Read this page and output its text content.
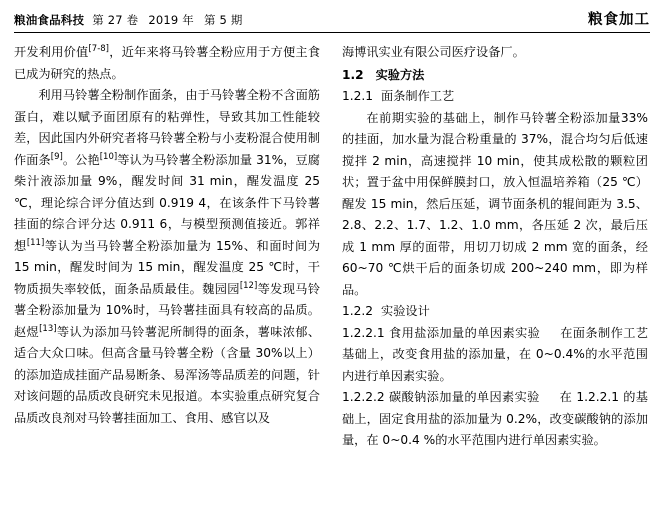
粮油食品科技 第 27 卷 2019 年 第 5 期	粮食加工

开发利用价值[7-8]，近年来将马铃薯全粉应用于方便主食已成为研究的热点。

利用马铃薯全粉制作面条，由于马铃薯全粉不含面筋蛋白，难以赋予面团原有的粘弹性，导致其加工性能较差，因此国内外研究者将马铃薯全粉与小麦粉混合使用制作面条[9]。公艳[10]等认为马铃薯全粉添加量 31%，豆腐柴汁液添加量 9%，醒发时间 31 min，醒发温度 25 ℃，理论综合评分值达到 0.919 4，在该条件下马铃薯挂面的综合评分达 0.911 6，与模型预测值接近。郭祥想[11]等认为当马铃薯全粉添加量为 15%、和面时间为 15 min，醒发时间为 15 min，醒发温度 25 ℃时，干物质损失率较低，面条品质最佳。魏园园[12]等发现马铃薯全粉添加量为 10%时，马铃薯挂面具有较高的品质。赵煜[13]等认为添加马铃薯泥所制得的面条，薯味浓郁、适合大众口味。但高含量马铃薯全粉（含量 30%以上）的添加造成挂面产品易断条、易浑汤等品质差的问题，针对该问题的品质改良研究未见报道。本实验重点研究复合品质改良剂对马铃薯挂面加工、食用、感官以及

海博讯实业有限公司医疗设备厂。

1.2 实验方法

1.2.1 面条制作工艺

在前期实验的基础上，制作马铃薯全粉添加量33%的挂面，加水量为混合粉重量的 37%，混合均匀后低速搅拌 2 min，高速搅拌 10 min，使其成松散的颗粒团状；置于盆中用保鲜膜封口，放入恒温培养箱（25 ℃）醒发 15 min，然后压延，调节面条机的辊间距为 3.5、2.8、2.2、1.7、1.2、1.0 mm，各压延 2 次，最后压成 1 mm 厚的面带，用切刀切成 2 mm 宽的面条，经 60~70 ℃烘干后的面条切成 200~240 mm，即为样品。

1.2.2 实验设计

1.2.2.1 食用盐添加量的单因素实验 在面条制作工艺基础上，改变食用盐的添加量，在 0~0.4%的水平范围内进行单因素实验。

1.2.2.2 碳酸钠添加量的单因素实验 在 1.2.2.1 的基础上，固定食用盐的添加量为 0.2%，改变碳酸钠的添加量，在 0~0.4 %的水平范围内进行单因素实验。
